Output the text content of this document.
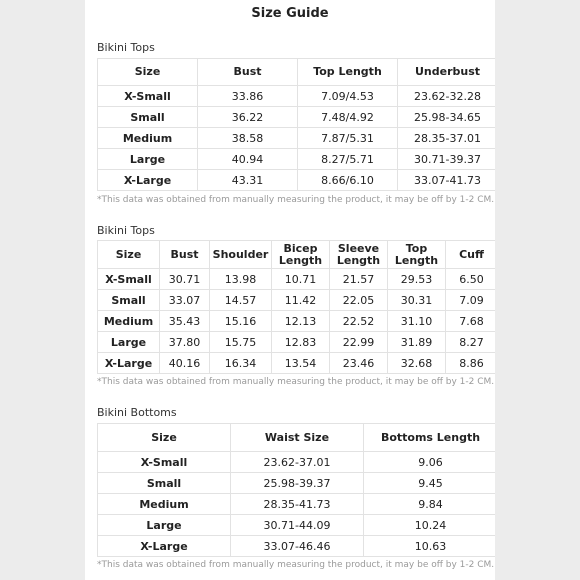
Size Guide
Bikini Tops
Size	Bust	Top Length	Underbust
X-Small	33.86	7.09/4.53	23.62-32.28
Small	36.22	7.48/4.92	25.98-34.65
Medium	38.58	7.87/5.31	28.35-37.01
Large	40.94	8.27/5.71	30.71-39.37
X-Large	43.31	8.66/6.10	33.07-41.73
*This data was obtained from manually measuring the product, it may be off by 1-2 CM.
Bikini Tops
Size	Bust	Shoulder	Bicep Length	Sleeve Length	Top Length	Cuff
X-Small	30.71	13.98	10.71	21.57	29.53	6.50
Small	33.07	14.57	11.42	22.05	30.31	7.09
Medium	35.43	15.16	12.13	22.52	31.10	7.68
Large	37.80	15.75	12.83	22.99	31.89	8.27
X-Large	40.16	16.34	13.54	23.46	32.68	8.86
*This data was obtained from manually measuring the product, it may be off by 1-2 CM.
Bikini Bottoms
Size	Waist Size	Bottoms Length
X-Small	23.62-37.01	9.06
Small	25.98-39.37	9.45
Medium	28.35-41.73	9.84
Large	30.71-44.09	10.24
X-Large	33.07-46.46	10.63
*This data was obtained from manually measuring the product, it may be off by 1-2 CM.
